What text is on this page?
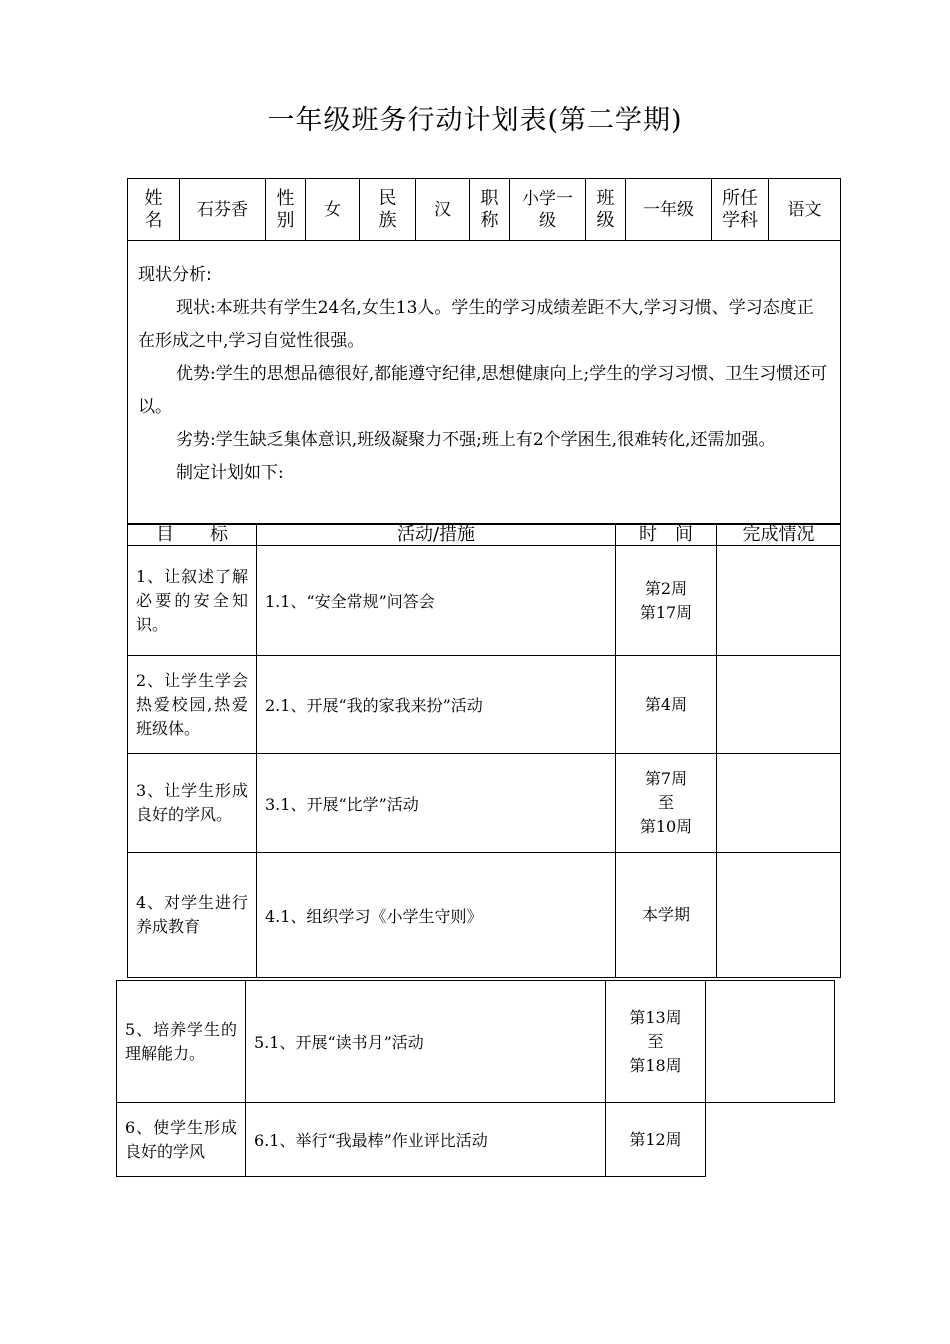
一年级班务行动计划表(第二学期)
姓名	石芬香	性别	女	民族	汉	职称	小学一级	班级	一年级	所任学科	语文

现状分析:

现状:本班共有学生24名,女生13人。学生的学习成绩差距不大,学习习惯、学习态度正在形成之中,学习自觉性很强。

优势:学生的思想品德很好,都能遵守纪律,思想健康向上;学生的学习习惯、卫生习惯还可以。

劣势:学生缺乏集体意识,班级凝聚力不强;班上有2个学困生,很难转化,还需加强。

制定计划如下:

目　　标	活动/措施	时　间	完成情况
1、让叙述了解必要的安全知识。	1.1、“安全常规”问答会	第2周
第17周	

2、让学生学会热爱校园,热爱班级体。	2.1、开展“我的家我来扮”活动	第4周	

3、让学生形成良好的学风。	3.1、开展“比学”活动	第7周
至
第10周	

4、对学生进行养成教育	4.1、组织学习《小学生守则》	本学期	

5、培养学生的理解能力。	5.1、开展“读书月”活动	第13周
至
第18周	

6、使学生形成良好的学风	6.1、举行“我最棒”作业评比活动	第12周	
